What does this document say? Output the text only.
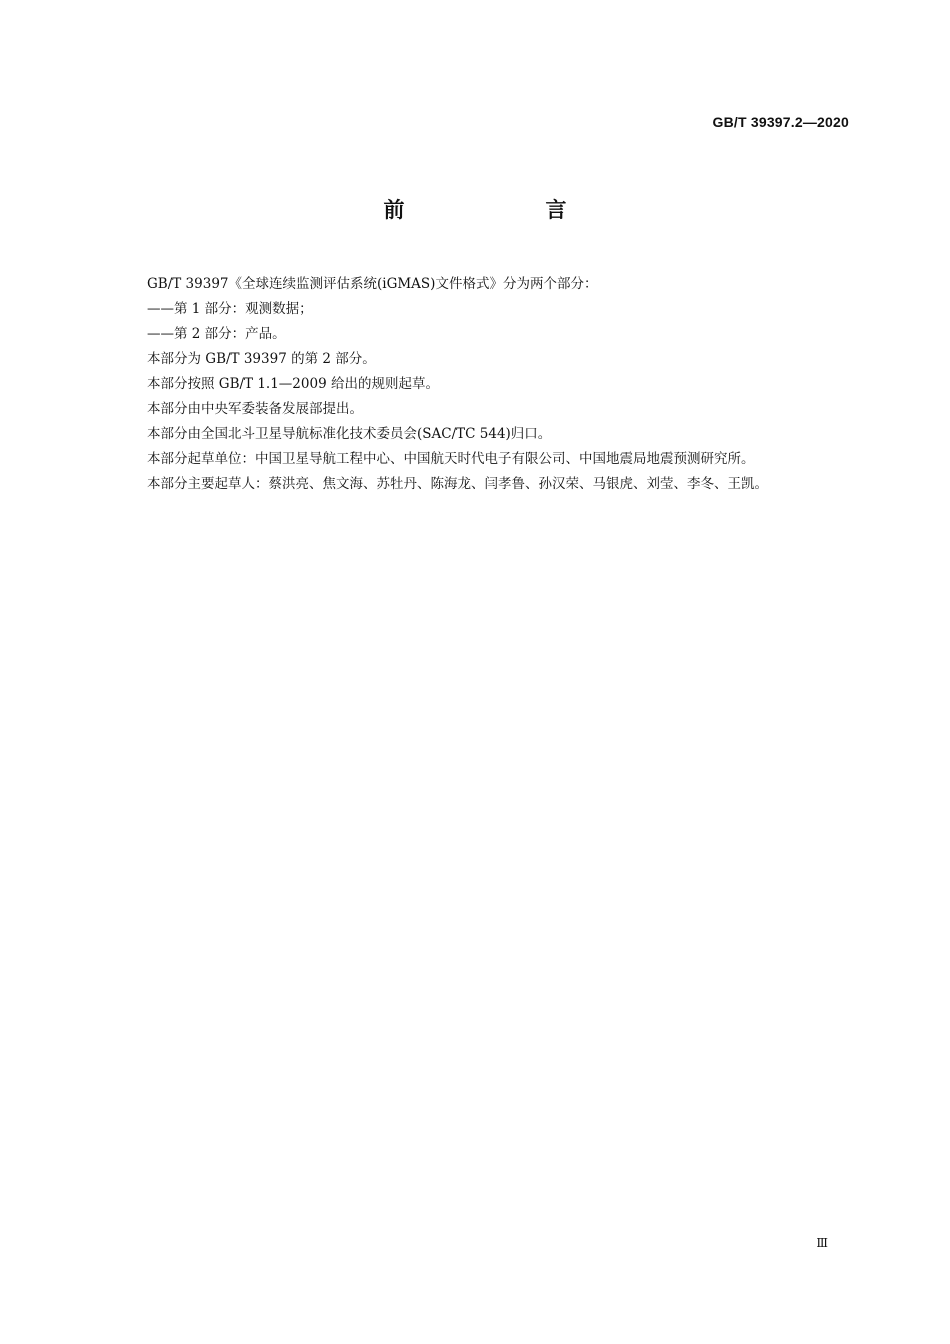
GB/T 39397.2—2020
前　言

GB/T 39397《全球连续监测评估系统(iGMAS)文件格式》分为两个部分：

——第 1 部分：观测数据；

——第 2 部分：产品。

本部分为 GB/T 39397 的第 2 部分。

本部分按照 GB/T 1.1—2009 给出的规则起草。

本部分由中央军委装备发展部提出。

本部分由全国北斗卫星导航标准化技术委员会(SAC/TC 544)归口。

本部分起草单位：中国卫星导航工程中心、中国航天时代电子有限公司、中国地震局地震预测研究所。

本部分主要起草人：蔡洪亮、焦文海、苏牡丹、陈海龙、闫孝鲁、孙汉荣、马银虎、刘莹、李冬、王凯。

Ⅲ
